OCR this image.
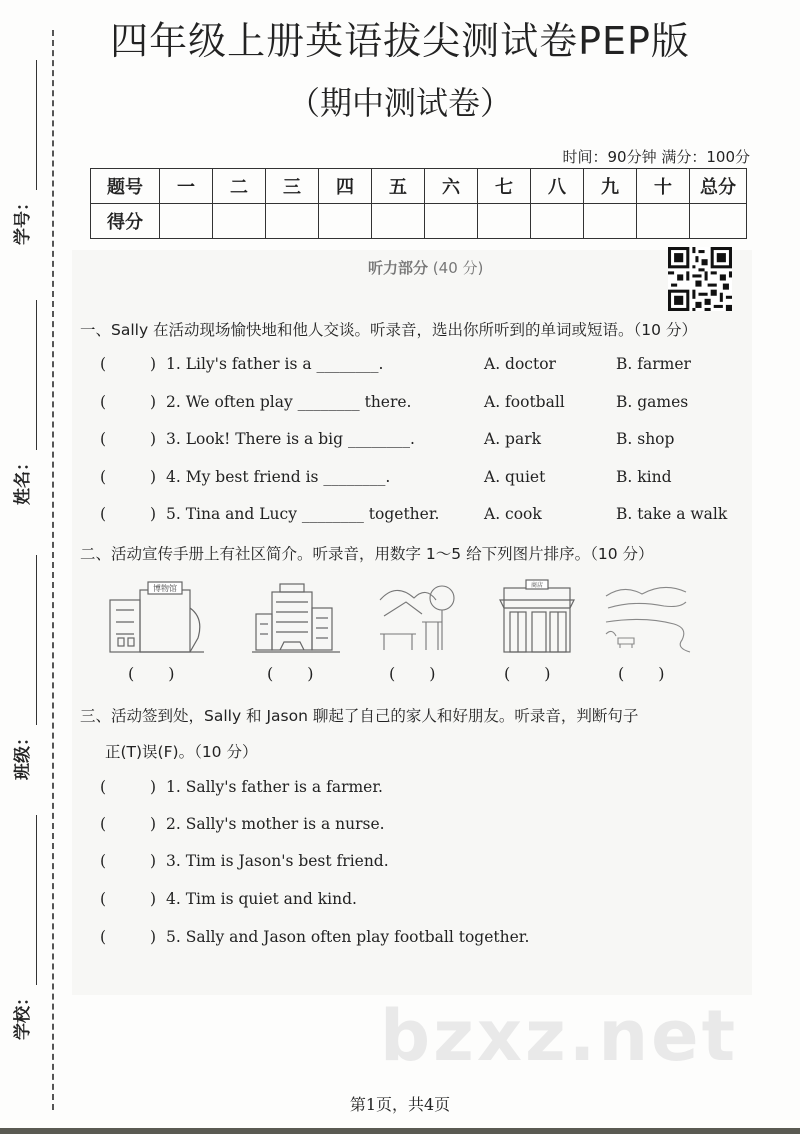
学号：
姓名：
班级：
学校：
四年级上册英语拔尖测试卷PEP版
（期中测试卷）
时间：90分钟 满分：100分
题号	一	二	三	四	五	六	七	八	九	十	总分
得分											
听力部分 (40 分)
一、Sally 在活动现场愉快地和他人交谈。听录音，选出你所听到的单词或短语。（10 分）
(	) 1. Lily's father is a ________.	A. doctor	B. farmer
(	) 2. We often play ________ there.	A. football	B. games
(	) 3. Look! There is a big ________.	A. park	B. shop
(	) 4. My best friend is ________.	A. quiet	B. kind
(	) 5. Tina and Lucy ________ together.	A. cook	B. take a walk
二、活动宣传手册上有社区简介。听录音，用数字 1～5 给下列图片排序。（10 分）
博物馆	商店
( )	( )	( )	( )	( )
三、活动签到处，Sally 和 Jason 聊起了自己的家人和好朋友。听录音，判断句子
正(T)误(F)。（10 分）
(	) 1. Sally's father is a farmer.
(	) 2. Sally's mother is a nurse.
(	) 3. Tim is Jason's best friend.
(	) 4. Tim is quiet and kind.
(	) 5. Sally and Jason often play football together.
bzxz.net
第1页，共4页
